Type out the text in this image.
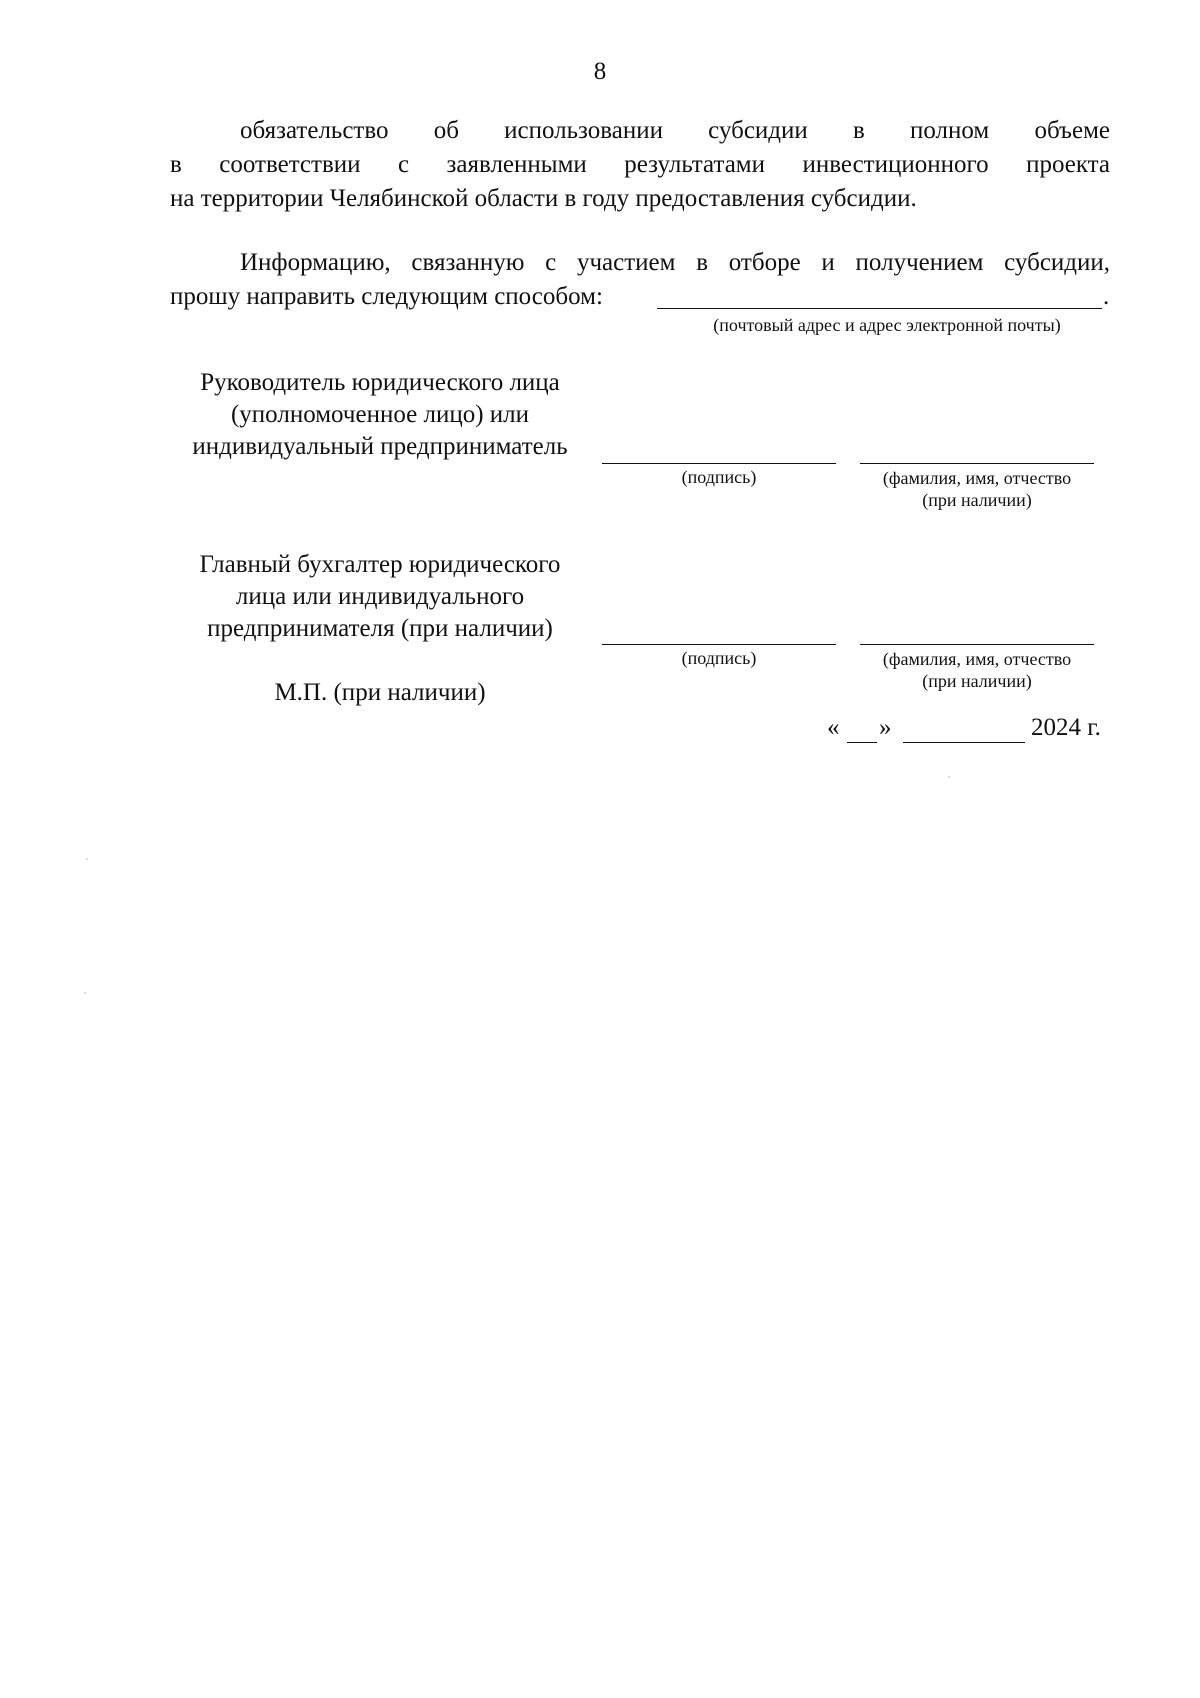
8
обязательство об использовании субсидии в полном объеме
в соответствии с заявленными результатами инвестиционного проекта
на территории Челябинской области в году предоставления субсидии.
Информацию, связанную с участием в отборе и получением субсидии,
прошу направить следующим способом:	.
(почтовый адрес и адрес электронной почты)
Руководитель юридического лица
(уполномоченное лицо) или
индивидуальный предприниматель
(подпись)	(фамилия, имя, отчество
(при наличии)
Главный бухгалтер юридического
лица или индивидуального
предпринимателя (при наличии)
(подпись)	(фамилия, имя, отчество
(при наличии)
М.П. (при наличии)
« »	2024 г.
